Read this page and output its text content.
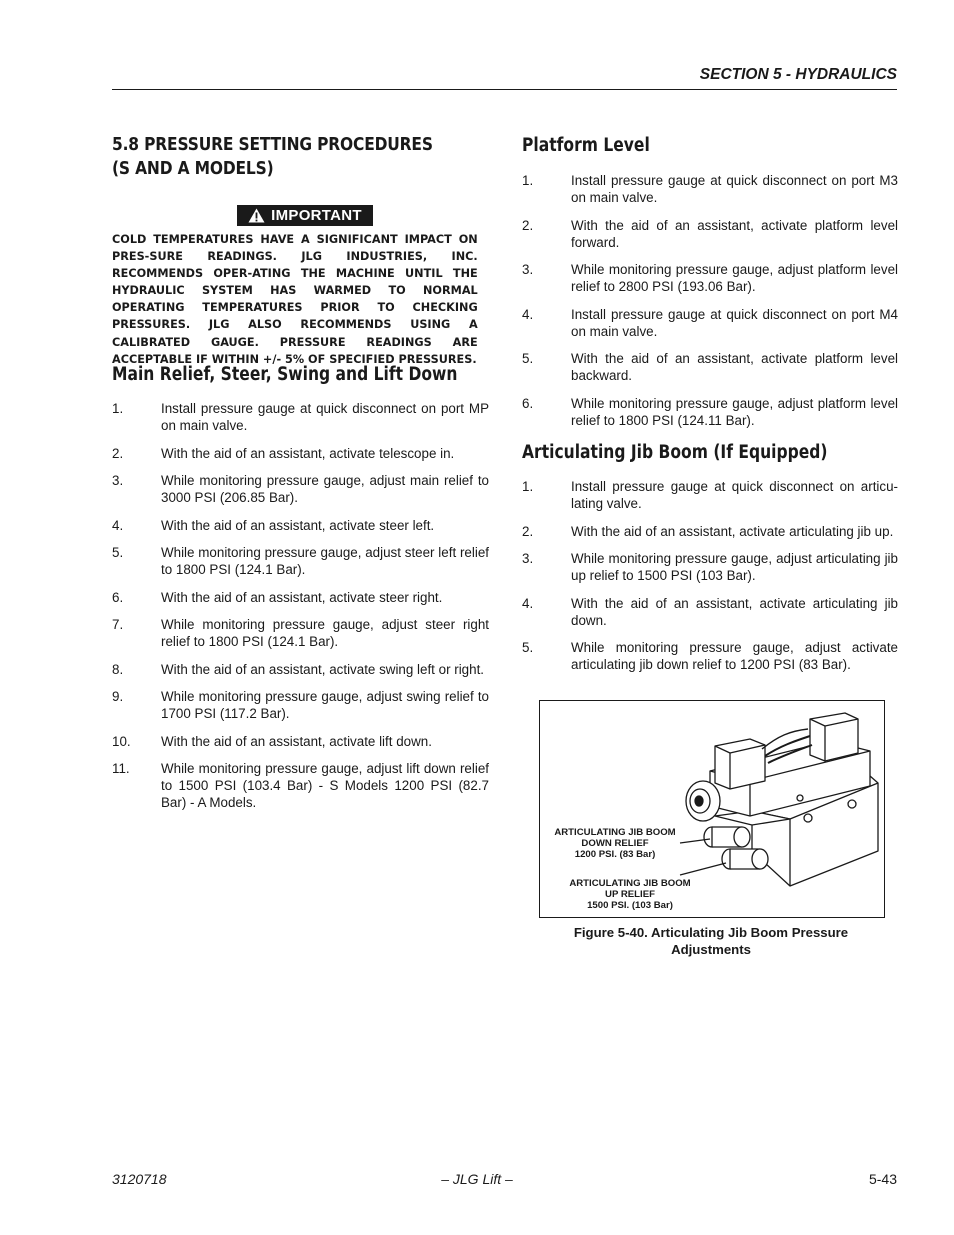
SECTION 5 - HYDRAULICS
5.8 PRESSURE SETTING PROCEDURES (S AND A MODELS)
IMPORTANT
COLD TEMPERATURES HAVE A SIGNIFICANT IMPACT ON PRES-SURE READINGS. JLG INDUSTRIES, INC. RECOMMENDS OPER-ATING THE MACHINE UNTIL THE HYDRAULIC SYSTEM HAS WARMED TO NORMAL OPERATING TEMPERATURES PRIOR TO CHECKING PRESSURES. JLG ALSO RECOMMENDS USING A CALIBRATED GAUGE. PRESSURE READINGS ARE ACCEPTABLE IF WITHIN +/- 5% OF SPECIFIED PRESSURES.
Main Relief, Steer, Swing and Lift Down
1.	Install pressure gauge at quick disconnect on port MP on main valve.
2.	With the aid of an assistant, activate telescope in.
3.	While monitoring pressure gauge, adjust main relief to 3000 PSI (206.85 Bar).
4.	With the aid of an assistant, activate steer left.
5.	While monitoring pressure gauge, adjust steer left relief to 1800 PSI (124.1 Bar).
6.	With the aid of an assistant, activate steer right.
7.	While monitoring pressure gauge, adjust steer right relief to 1800 PSI (124.1 Bar).
8.	With the aid of an assistant, activate swing left or right.
9.	While monitoring pressure gauge, adjust swing relief to 1700 PSI (117.2 Bar).
10.	With the aid of an assistant, activate lift down.
11.	While monitoring pressure gauge, adjust lift down relief to 1500 PSI (103.4 Bar) - S Models 1200 PSI (82.7 Bar) - A Models.
Platform Level
1.	Install pressure gauge at quick disconnect on port M3 on main valve.
2.	With the aid of an assistant, activate platform level forward.
3.	While monitoring pressure gauge, adjust platform level relief to 2800 PSI (193.06 Bar).
4.	Install pressure gauge at quick disconnect on port M4 on main valve.
5.	With the aid of an assistant, activate platform level backward.
6.	While monitoring pressure gauge, adjust platform level relief to 1800 PSI (124.11 Bar).
Articulating Jib Boom (If Equipped)
1.	Install pressure gauge at quick disconnect on articu-lating valve.
2.	With the aid of an assistant, activate articulating jib up.
3.	While monitoring pressure gauge, adjust articulating jib up relief to 1500 PSI (103 Bar).
4.	With the aid of an assistant, activate articulating jib down.
5.	While monitoring pressure gauge, adjust activate articulating jib down relief to 1200 PSI (83 Bar).
ARTICULATING JIB BOOM
DOWN RELIEF
1200 PSI. (83 Bar)
ARTICULATING JIB BOOM
UP RELIEF
1500 PSI. (103 Bar)
Figure 5-40. Articulating Jib Boom Pressure
Adjustments
3120718	– JLG Lift –	5-43
